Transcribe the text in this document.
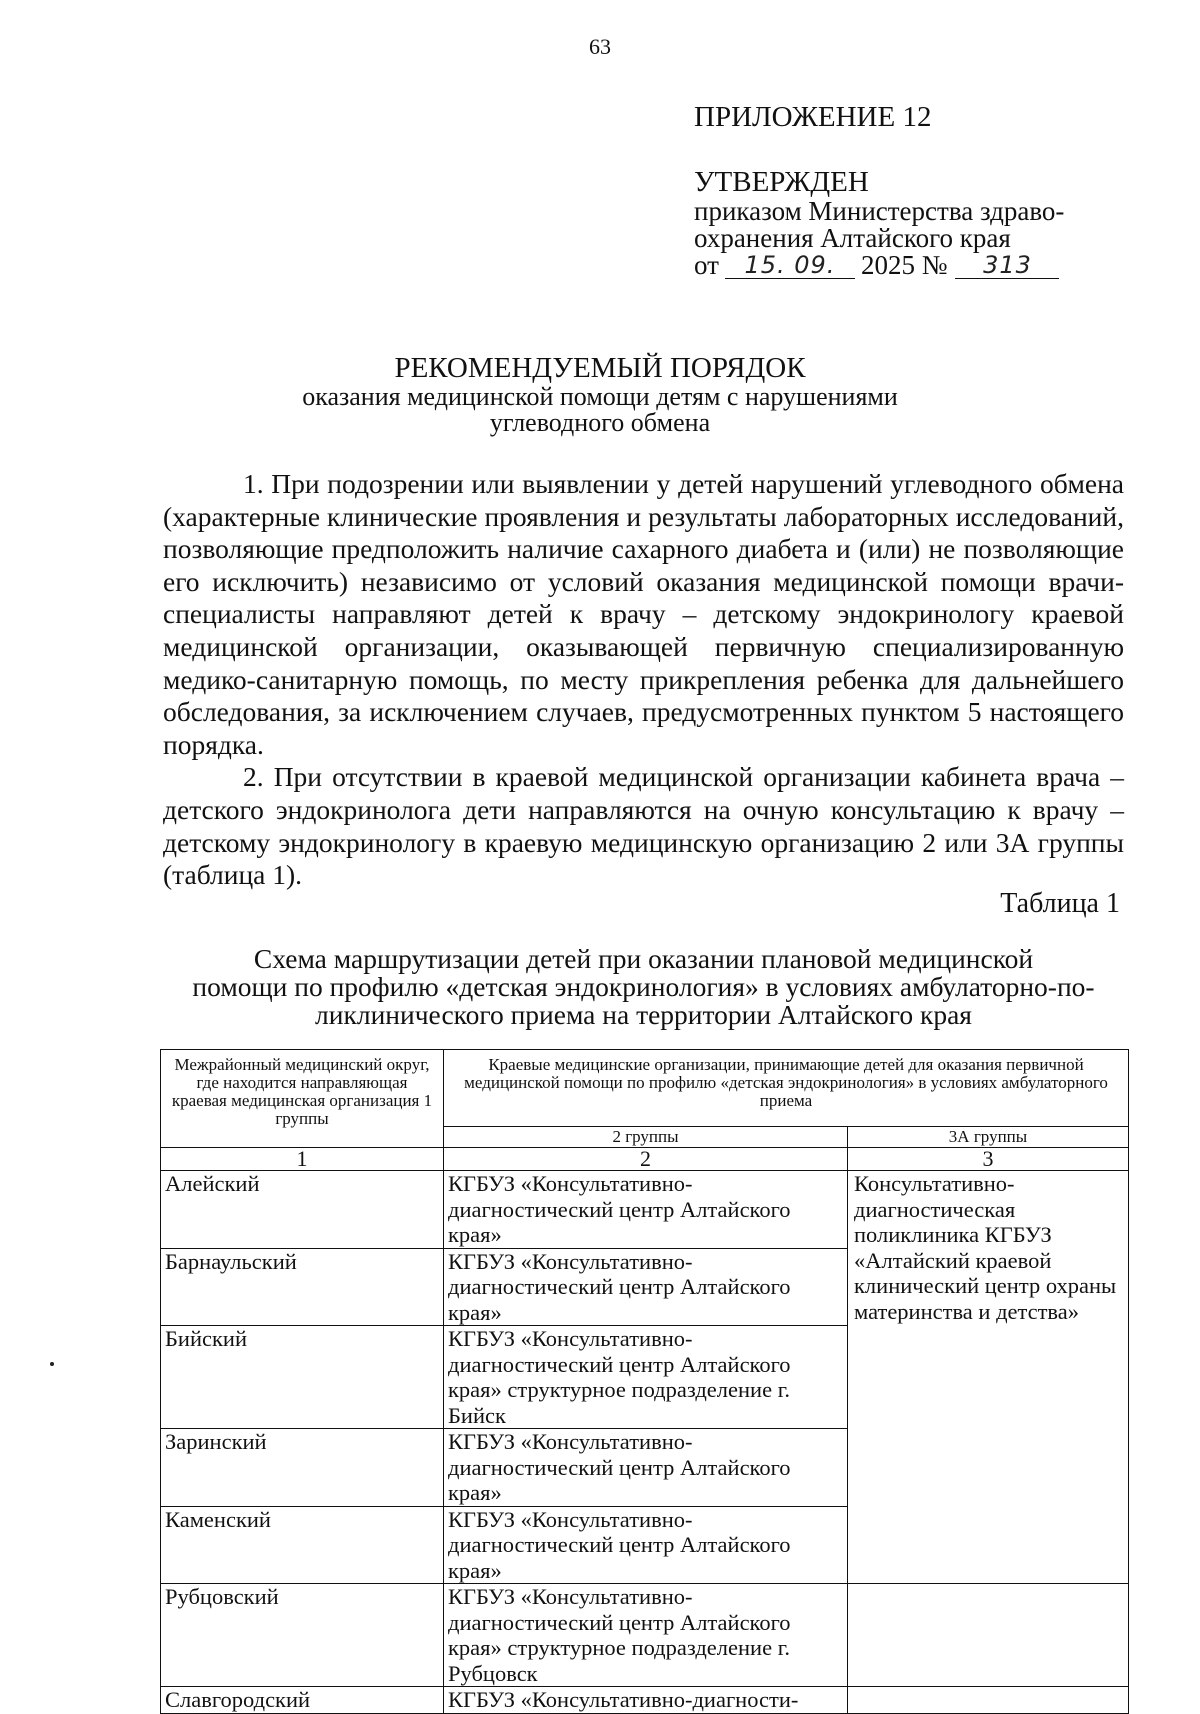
63

ПРИЛОЖЕНИЕ 12

УТВЕРЖДЕН

приказом Министерства здраво-

охранения Алтайского края

от	15. 09. 2025 №	313

РЕКОМЕНДУЕМЫЙ ПОРЯДОК

оказания медицинской помощи детям с нарушениями

углеводного обмена

1. При подозрении или выявлении у детей нарушений углеводного обмена (характерные клинические проявления и результаты лабораторных исследований, позволяющие предположить наличие сахарного диабета и (или) не позволяющие его исключить) независимо от условий оказания медицинской помощи врачи-специалисты направляют детей к врачу – детскому эндокринологу краевой медицинской организации, оказывающей первичную специализированную медико-санитарную помощь, по месту прикрепления ребенка для дальнейшего обследования, за исключением случаев, предусмотренных пунктом 5 настоящего порядка.

2. При отсутствии в краевой медицинской организации кабинета врача – детского эндокринолога дети направляются на очную консультацию к врачу – детскому эндокринологу в краевую медицинскую организацию 2 или 3А группы (таблица 1).

Таблица 1

Схема маршрутизации детей при оказании плановой медицинской

помощи по профилю «детская эндокринология» в условиях амбулаторно-по-

ликлинического приема на территории Алтайского края

Межрайонный медицинский округ, где находится направляющая краевая медицинская организация 1 группы	Краевые медицинские организации, принимающие детей для оказания первичной медицинской помощи по профилю «детская эндокринология» в условиях амбулаторного приема	
	2 группы	3А группы
1	2	3
Алейский	КГБУЗ «Консультативно-диагностический центр Алтайского края»	Консультативно-диагностическая поликлиника КГБУЗ «Алтайский краевой клинический центр охраны материнства и детства»
Барнаульский	КГБУЗ «Консультативно-диагностический центр Алтайского края»	
Бийский	КГБУЗ «Консультативно-диагностический центр Алтайского края» структурное подразделение г. Бийск	
Заринский	КГБУЗ «Консультативно-диагностический центр Алтайского края»	
Каменский	КГБУЗ «Консультативно-диагностический центр Алтайского края»	
Рубцовский	КГБУЗ «Консультативно-диагностический центр Алтайского края» структурное подразделение г. Рубцовск	
Славгородский	КГБУЗ «Консультативно-диагности-	
